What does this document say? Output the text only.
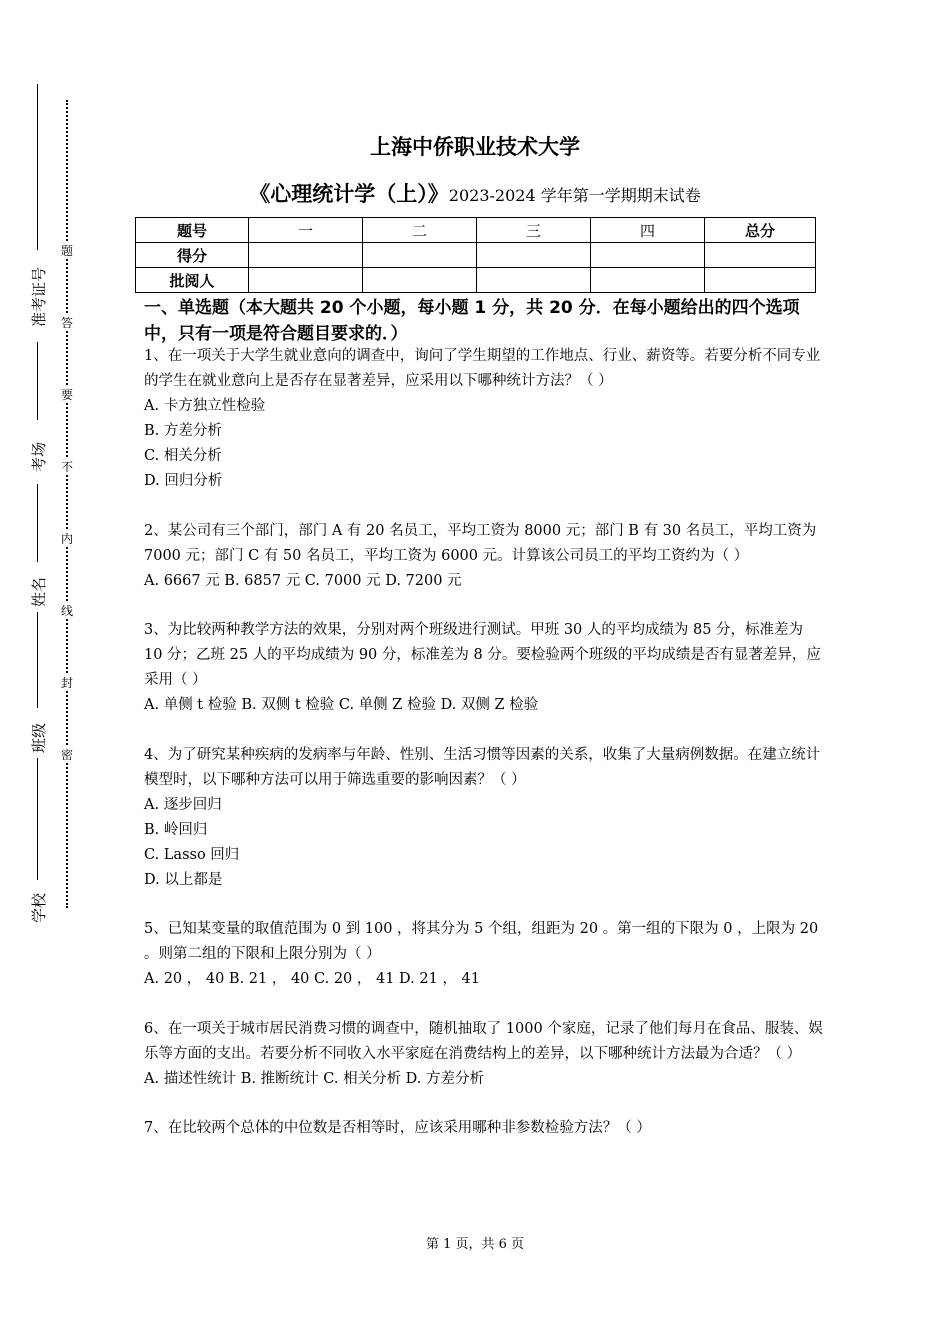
准考证号
考场
姓名
班级
学校
题
答
要
不
内
线
封
密
上海中侨职业技术大学
《心理统计学（上）》2023-2024 学年第一学期期末试卷
题号	一	二	三	四	总分
得分					
批阅人					
一、单选题（本大题共 20 个小题，每小题 1 分，共 20 分．在每小题给出的四个选项中，只有一项是符合题目要求的．）

1、在一项关于大学生就业意向的调查中，询问了学生期望的工作地点、行业、薪资等。若要分析不同专业的学生在就业意向上是否存在显著差异，应采用以下哪种统计方法？（ ）

A. 卡方独立性检验

B. 方差分析

C. 相关分析

D. 回归分析

2、某公司有三个部门，部门 A 有 20 名员工，平均工资为 8000 元；部门 B 有 30 名员工，平均工资为 7000 元；部门 C 有 50 名员工，平均工资为 6000 元。计算该公司员工的平均工资约为（ ）

A. 6667 元 B. 6857 元 C. 7000 元 D. 7200 元

3、为比较两种教学方法的效果，分别对两个班级进行测试。甲班 30 人的平均成绩为 85 分，标准差为 10 分；乙班 25 人的平均成绩为 90 分，标准差为 8 分。要检验两个班级的平均成绩是否有显著差异，应采用（ ）

A. 单侧 t 检验 B. 双侧 t 检验 C. 单侧 Z 检验 D. 双侧 Z 检验

4、为了研究某种疾病的发病率与年龄、性别、生活习惯等因素的关系，收集了大量病例数据。在建立统计模型时，以下哪种方法可以用于筛选重要的影响因素？（ ）

A. 逐步回归

B. 岭回归

C. Lasso 回归

D. 以上都是

5、已知某变量的取值范围为 0 到 100 ，将其分为 5 个组，组距为 20 。第一组的下限为 0 ，上限为 20 。则第二组的下限和上限分别为（ ）

A. 20 ， 40 B. 21 ， 40 C. 20 ， 41 D. 21 ， 41

6、在一项关于城市居民消费习惯的调查中，随机抽取了 1000 个家庭，记录了他们每月在食品、服装、娱乐等方面的支出。若要分析不同收入水平家庭在消费结构上的差异，以下哪种统计方法最为合适？（ ）

A. 描述性统计 B. 推断统计 C. 相关分析 D. 方差分析

7、在比较两个总体的中位数是否相等时，应该采用哪种非参数检验方法？（ ）

第 1 页，共 6 页
